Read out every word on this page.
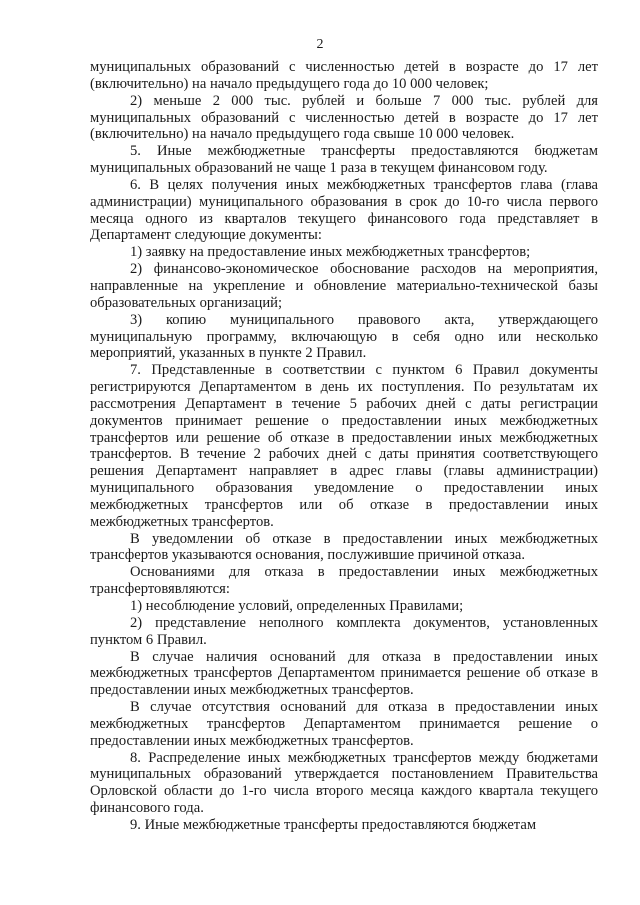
2

муниципальных образований с численностью детей в возрасте до 17 лет (включительно) на начало предыдущего года до 10 000 человек;

2) меньше 2 000 тыс. рублей и больше 7 000 тыс. рублей для муниципальных образований с численностью детей в возрасте до 17 лет (включительно) на начало предыдущего года свыше 10 000 человек.

5. Иные межбюджетные трансферты предоставляются бюджетам муниципальных образований не чаще 1 раза в текущем финансовом году.

6. В целях получения иных межбюджетных трансфертов глава (глава администрации) муниципального образования в срок до 10-го числа первого месяца одного из кварталов текущего финансового года представляет в Департамент следующие документы:

1) заявку на предоставление иных межбюджетных трансфертов;

2) финансово-экономическое обоснование расходов на мероприятия, направленные на укрепление и обновление материально-технической базы образовательных организаций;

3) копию муниципального правового акта, утверждающего муниципальную программу, включающую в себя одно или несколько мероприятий, указанных в пункте 2 Правил.

7. Представленные в соответствии с пунктом 6 Правил документы регистрируются Департаментом в день их поступления. По результатам их рассмотрения Департамент в течение 5 рабочих дней с даты регистрации документов принимает решение о предоставлении иных межбюджетных трансфертов или решение об отказе в предоставлении иных межбюджетных трансфертов. В течение 2 рабочих дней с даты принятия соответствующего решения Департамент направляет в адрес главы (главы администрации) муниципального образования уведомление о предоставлении иных межбюджетных трансфертов или об отказе в предоставлении иных межбюджетных трансфертов.

В уведомлении об отказе в предоставлении иных межбюджетных трансфертов указываются основания, послужившие причиной отказа.

Основаниями для отказа в предоставлении иных межбюджетных трансфертовявляются:

1) несоблюдение условий, определенных Правилами;

2) представление неполного комплекта документов, установленных пунктом 6 Правил.

В случае наличия оснований для отказа в предоставлении иных межбюджетных трансфертов Департаментом принимается решение об отказе в предоставлении иных межбюджетных трансфертов.

В случае отсутствия оснований для отказа в предоставлении иных межбюджетных трансфертов Департаментом принимается решение о предоставлении иных межбюджетных трансфертов.

8. Распределение иных межбюджетных трансфертов между бюджетами муниципальных образований утверждается постановлением Правительства Орловской области до 1-го числа второго месяца каждого квартала текущего финансового года.

9. Иные межбюджетные трансферты предоставляются бюджетам
